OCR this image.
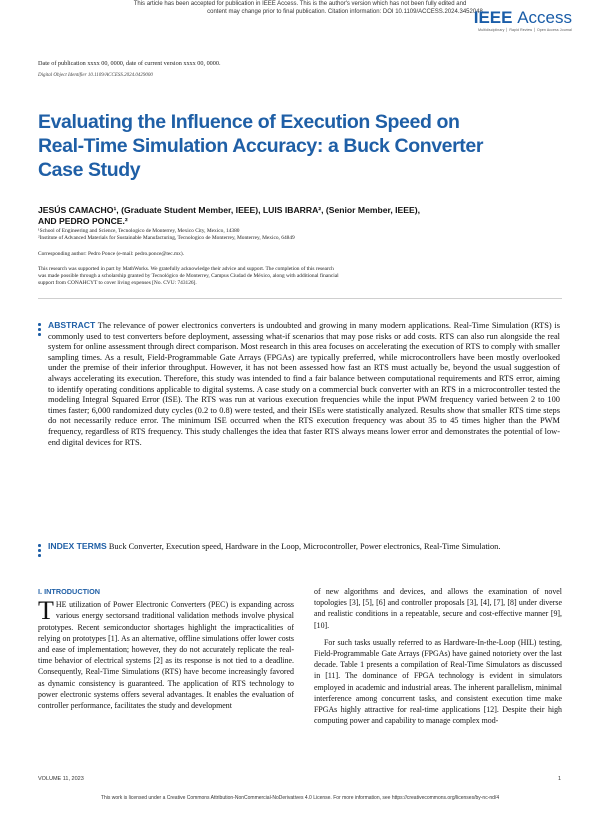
This article has been accepted for publication in IEEE Access. This is the author's version which has not been fully edited and
content may change prior to final publication. Citation information: DOI 10.1109/ACCESS.2024.3452048
IEEE Access
Multidisciplinary ⎪ Rapid Review ⎪ Open Access Journal
Date of publication xxxx 00, 0000, date of current version xxxx 00, 0000.
Digital Object Identifier 10.1109/ACCESS.2024.0429000
Evaluating the Influence of Execution Speed on
Real-Time Simulation Accuracy: a Buck Converter
Case Study
JESÚS CAMACHO¹, (Graduate Student Member, IEEE), LUIS IBARRA², (Senior Member, IEEE),
AND PEDRO PONCE.²
¹School of Engineering and Science, Tecnologico de Monterrey, Mexico City, Mexico, 14380
²Institute of Advanced Materials for Sustainable Manufacturing, Tecnologico de Monterrey, Monterrey, Mexico, 64849
Corresponding author: Pedro Ponce (e-mail: pedro.ponce@tec.mx).
This research was supported in part by MathWorks. We gratefully acknowledge their advice and support. The completion of this research
was made possible through a scholarship granted by Tecnológico de Monterrey, Campus Ciudad de México, along with additional financial
support from CONAHCYT to cover living expenses [No. CVU: 743126].
ABSTRACT The relevance of power electronics converters is undoubted and growing in many modern applications. Real-Time Simulation (RTS) is commonly used to test converters before deployment, assessing what-if scenarios that may pose risks or add costs. RTS can also run alongside the real system for online assessment through direct comparison. Most research in this area focuses on accelerating the execution of RTS to comply with smaller sampling times. As a result, Field-Programmable Gate Arrays (FPGAs) are typically preferred, while microcontrollers have been mostly overlooked under the premise of their inferior throughput. However, it has not been assessed how fast an RTS must actually be, beyond the usual suggestion of always accelerating its execution. Therefore, this study was intended to find a fair balance between computational requirements and RTS error, aiming to identify operating conditions applicable to digital systems. A case study on a commercial buck converter with an RTS in a microcontroller tested the modeling Integral Squared Error (ISE). The RTS was run at various execution frequencies while the input PWM frequency varied between 2 to 100 times faster; 6,000 randomized duty cycles (0.2 to 0.8) were tested, and their ISEs were statistically analyzed. Results show that smaller RTS time steps do not necessarily reduce error. The minimum ISE occurred when the RTS execution frequency was about 35 to 45 times higher than the PWM frequency, regardless of RTS frequency. This study challenges the idea that faster RTS always means lower error and demonstrates the potential of low-end digital devices for RTS.
INDEX TERMS Buck Converter, Execution speed, Hardware in the Loop, Microcontroller, Power electronics, Real-Time Simulation.
I. INTRODUCTION
T HE utilization of Power Electronic Converters (PEC) is expanding across various energy sectorsand traditional validation methods involve physical prototypes. Recent semiconductor shortages highlight the impracticalities of relying on prototypes [1]. As an alternative, offline simulations offer lower costs and ease of implementation; however, they do not accurately replicate the real-time behavior of electrical systems [2] as its response is not tied to a deadline. Consequently, Real-Time Simulations (RTS) have become increasingly favored as dynamic consistency is guaranteed. The application of RTS technology to power electronic systems offers several advantages. It enables the evaluation of controller performance, facilitates the study and development
of new algorithms and devices, and allows the examination of novel topologies [3], [5], [6] and controller proposals [3], [4], [7], [8] under diverse and realistic conditions in a repeatable, secure and cost-effective manner [9], [10].
For such tasks usually referred to as Hardware-In-the-Loop (HIL) testing, Field-Programmable Gate Arrays (FPGAs) have gained notoriety over the last decade. Table 1 presents a compilation of Real-Time Simulators as discussed in [11]. The dominance of FPGA technology is evident in simulators employed in academic and industrial areas. The inherent parallelism, minimal interference among concurrent tasks, and consistent execution time make FPGAs highly attractive for real-time applications [12]. Despite their high computing power and capability to manage complex mod-
VOLUME 11, 2023	1
This work is licensed under a Creative Commons Attribution-NonCommercial-NoDerivatives 4.0 License. For more information, see https://creativecommons.org/licenses/by-nc-nd/4
